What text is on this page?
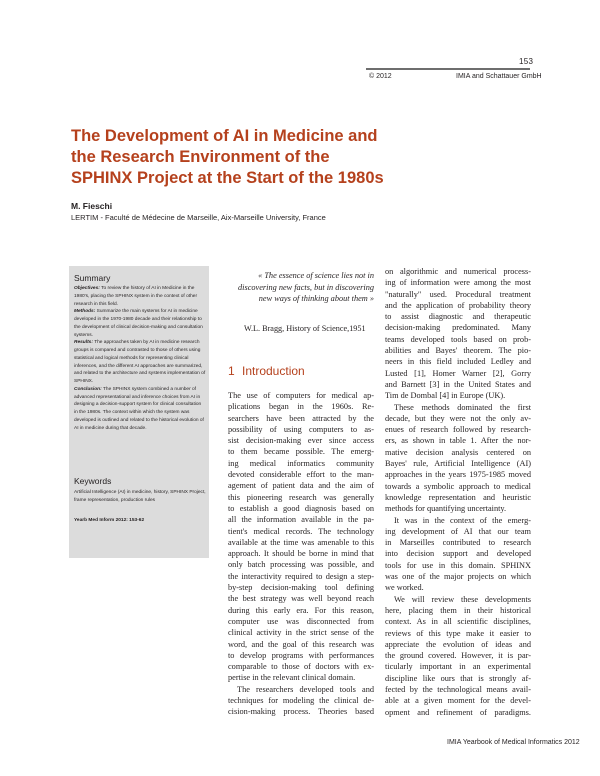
153
© 2012	IMIA and Schattauer GmbH
The Development of AI in Medicine and the Research Environment of the SPHINX Project at the Start of the 1980s
M. Fieschi
LERTIM - Faculté de Médecine de Marseille, Aix-Marseille University, France
Summary
Objectives: To review the history of AI in Medicine in the 1980's, placing the SPHINX system in the context of other research in this field.
Methods: Summarize the main systems for AI in medicine developed in the 1970-1980 decade and their relationship to the development of clinical decision-making and consultation systems.
Results: The approaches taken by AI in medicine research groups is compared and contrasted to those of others using statistical and logical methods for representing clinical inferences, and the different AI approaches are summarized, and related to the architecture and systems implementation of SPHINX.
Conclusion: The SPHINX system combined a number of advanced representational and inference choices from AI in designing a decision-support system for clinical consultation in the 1980s. The context within which the system was developed is outlined and related to the historical evolution of AI in medicine during that decade.
Keywords
Artificial Intelligence (AI) in medicine, history, SPHINX Project, frame representation, production rules
Yearb Med Inform 2012: 153-62
« The essence of science lies not in discovering new facts, but in discovering new ways of thinking about them »
W.L. Bragg, History of Science,1951
1 Introduction
The use of computers for medical ap-
plications began in the 1960s. Re-
searchers have been attracted by the
possibility of using computers to as-
sist decision-making ever since access
to them became possible. The emerg-
ing medical informatics community
devoted considerable effort to the man-
agement of patient data and the aim of
this pioneering research was generally
to establish a good diagnosis based on
all the information available in the pa-
tient's medical records. The technology
available at the time was amenable to this
approach. It should be borne in mind that
only batch processing was possible, and
the interactivity required to design a step-
by-step decision-making tool defining
the best strategy was well beyond reach
during this early era. For this reason,
computer use was disconnected from
clinical activity in the strict sense of the
word, and the goal of this research was
to develop programs with performances
comparable to those of doctors with ex-
pertise in the relevant clinical domain.
The researchers developed tools and
techniques for modeling the clinical de-
cision-making process. Theories based
on algorithmic and numerical process-
ing of information were among the most
"naturally" used. Procedural treatment
and the application of probability theory
to assist diagnostic and therapeutic
decision-making predominated. Many
teams developed tools based on prob-
abilities and Bayes' theorem. The pio-
neers in this field included Ledley and
Lusted [1], Homer Warner [2], Gorry
and Barnett [3] in the United States and
Tim de Dombal [4] in Europe (UK).
These methods dominated the first
decade, but they were not the only av-
enues of research followed by research-
ers, as shown in table 1. After the nor-
mative decision analysis centered on
Bayes' rule, Artificial Intelligence (AI)
approaches in the years 1975-1985 moved
towards a symbolic approach to medical
knowledge representation and heuristic
methods for quantifying uncertainty.
It was in the context of the emerg-
ing development of AI that our team
in Marseilles contributed to research
into decision support and developed
tools for use in this domain. SPHINX
was one of the major projects on which
we worked.
We will review these developments
here, placing them in their historical
context. As in all scientific disciplines,
reviews of this type make it easier to
appreciate the evolution of ideas and
the ground covered. However, it is par-
ticularly important in an experimental
discipline like ours that is strongly af-
fected by the technological means avail-
able at a given moment for the devel-
opment and refinement of paradigms.
IMIA Yearbook of Medical Informatics 2012
